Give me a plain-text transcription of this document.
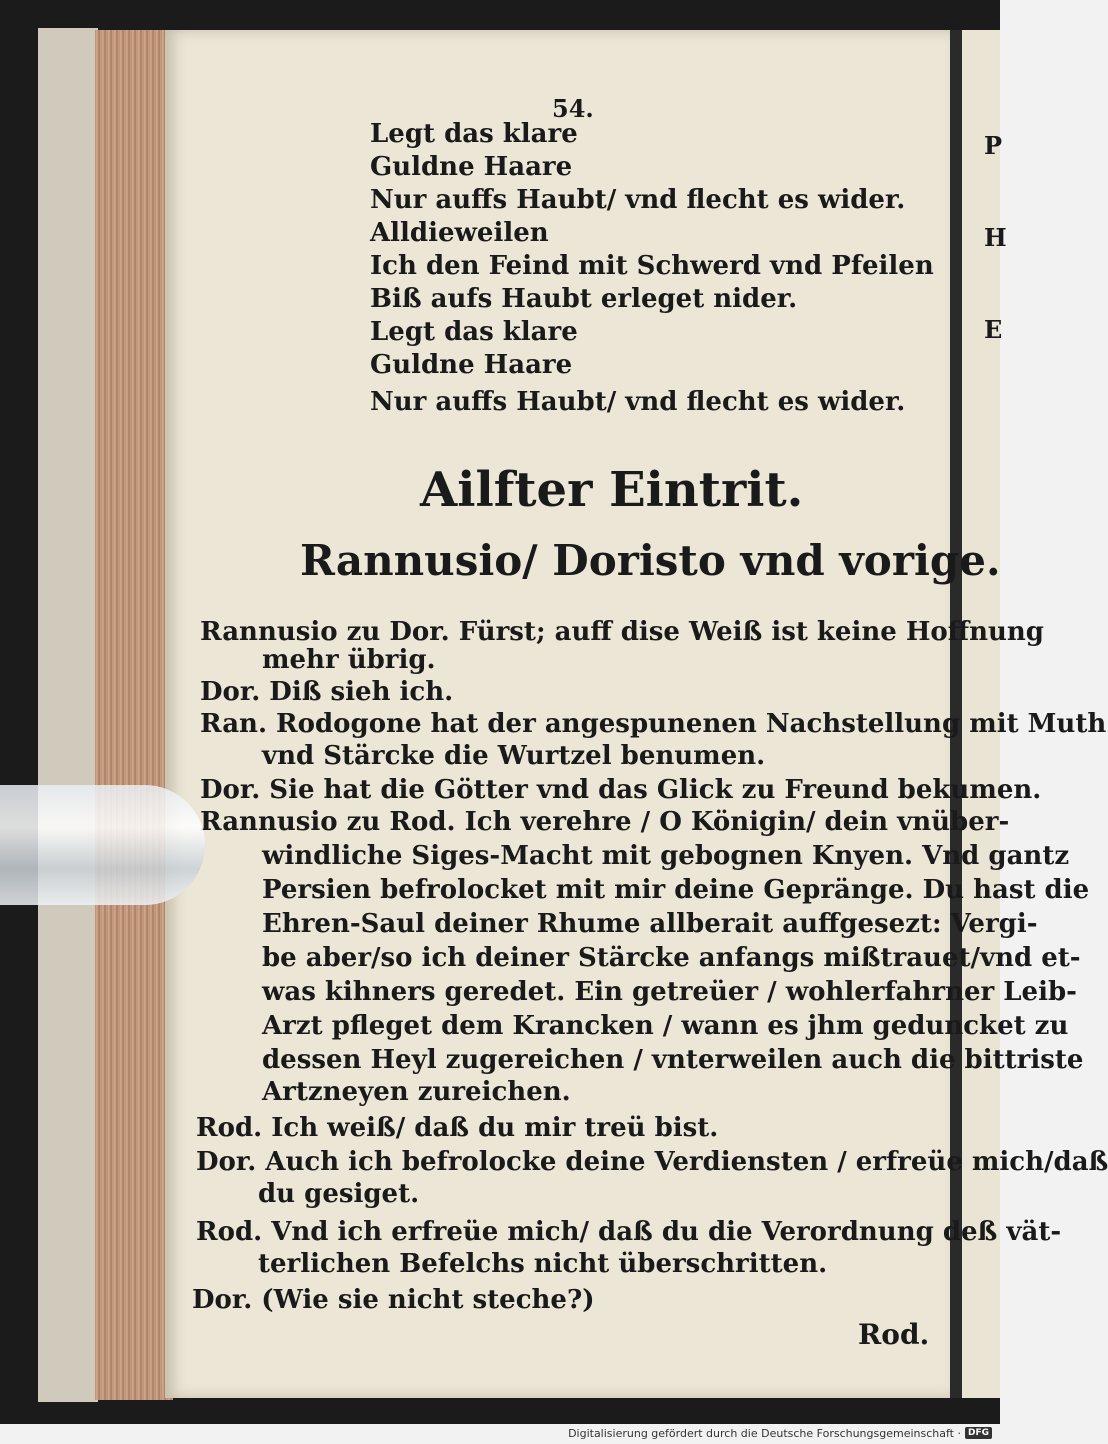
P H E
54.
Legt das klare
Guldne Haare
Nur auffs Haubt/ vnd flecht es wider.
Alldieweilen
Ich den Feind mit Schwerd vnd Pfeilen
Biß aufs Haubt erleget nider.
Legt das klare
Guldne Haare
Nur auffs Haubt/ vnd flecht es wider.
Ailfter Eintrit.
Rannusio/ Doristo vnd vorige.
Rannusio zu Dor. Fürst; auff dise Weiß ist keine Hoffnung
mehr übrig.
Dor. Diß sieh ich.
Ran. Rodogone hat der angespunenen Nachstellung mit Muth
vnd Stärcke die Wurtzel benumen.
Dor. Sie hat die Götter vnd das Glick zu Freund bekumen.
Rannusio zu Rod. Ich verehre / O Königin/ dein vnüber-
windliche Siges-Macht mit gebognen Knyen. Vnd gantz
Persien befrolocket mit mir deine Gepränge. Du hast die
Ehren-Saul deiner Rhume allberait auffgesezt: Vergi-
be aber/so ich deiner Stärcke anfangs mißtrauet/vnd et-
was kihners geredet. Ein getreüer / wohlerfahrner Leib-
Arzt pfleget dem Krancken / wann es jhm geduncket zu
dessen Heyl zugereichen / vnterweilen auch die bittriste
Artzneyen zureichen.
Rod. Ich weiß/ daß du mir treü bist.
Dor. Auch ich befrolocke deine Verdiensten / erfreüe mich/daß
du gesiget.
Rod. Vnd ich erfreüe mich/ daß du die Verordnung deß vät-
terlichen Befelchs nicht überschritten.
Dor. (Wie sie nicht steche?)
Rod.
Digitalisierung gefördert durch die Deutsche Forschungsgemeinschaft · DFG
